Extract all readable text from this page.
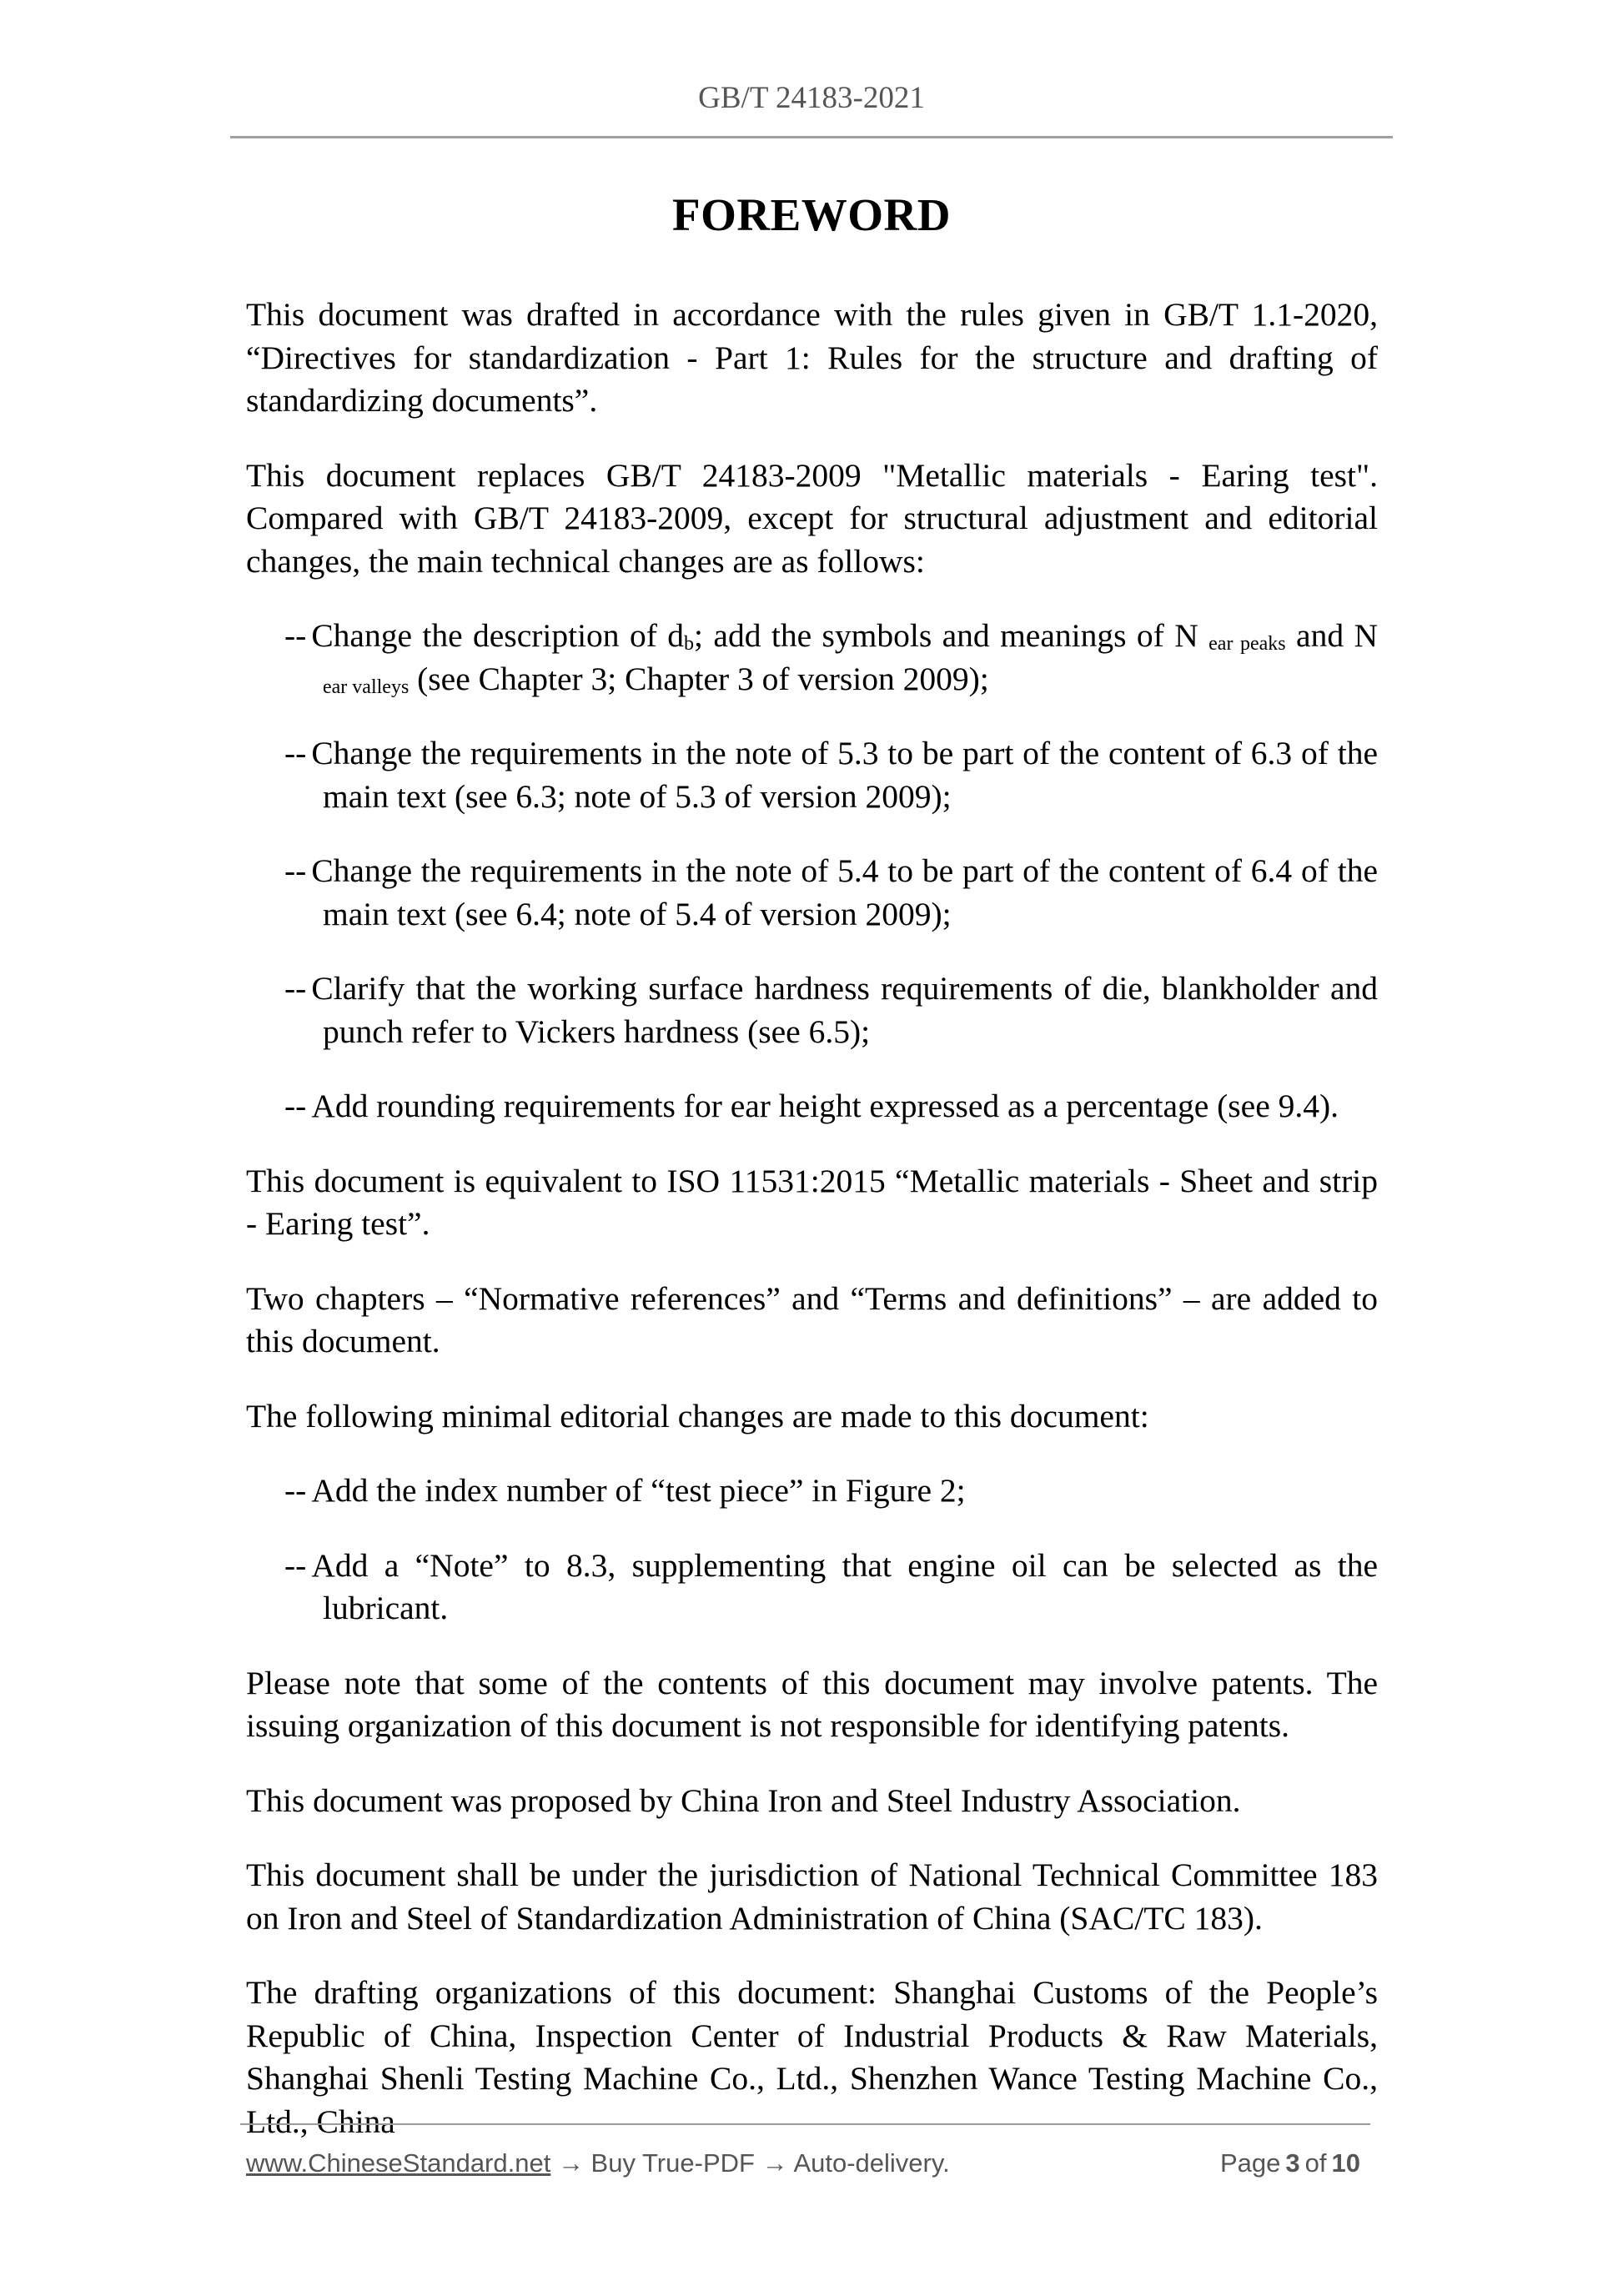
GB/T 24183-2021
FOREWORD

This document was drafted in accordance with the rules given in GB/T 1.1-2020, “Directives for standardization - Part 1: Rules for the structure and drafting of standardizing documents”.

This document replaces GB/T 24183-2009 "Metallic materials - Earing test". Compared with GB/T 24183-2009, except for structural adjustment and editorial changes, the main technical changes are as follows:

-- Change the description of db; add the symbols and meanings of N ear peaks and N ear valleys (see Chapter 3; Chapter 3 of version 2009);

-- Change the requirements in the note of 5.3 to be part of the content of 6.3 of the main text (see 6.3; note of 5.3 of version 2009);

-- Change the requirements in the note of 5.4 to be part of the content of 6.4 of the main text (see 6.4; note of 5.4 of version 2009);

-- Clarify that the working surface hardness requirements of die, blankholder and punch refer to Vickers hardness (see 6.5);

-- Add rounding requirements for ear height expressed as a percentage (see 9.4).

This document is equivalent to ISO 11531:2015 “Metallic materials - Sheet and strip - Earing test”.

Two chapters – “Normative references” and “Terms and definitions” – are added to this document.

The following minimal editorial changes are made to this document:

-- Add the index number of “test piece” in Figure 2;

-- Add a “Note” to 8.3, supplementing that engine oil can be selected as the lubricant.

Please note that some of the contents of this document may involve patents. The issuing organization of this document is not responsible for identifying patents.

This document was proposed by China Iron and Steel Industry Association.

This document shall be under the jurisdiction of National Technical Committee 183 on Iron and Steel of Standardization Administration of China (SAC/TC 183).

The drafting organizations of this document: Shanghai Customs of the People’s Republic of China, Inspection Center of Industrial Products & Raw Materials, Shanghai Shenli Testing Machine Co., Ltd., Shenzhen Wance Testing Machine Co., Ltd., China

www.ChineseStandard.net → Buy True-PDF → Auto-delivery.	Page 3 of 10
